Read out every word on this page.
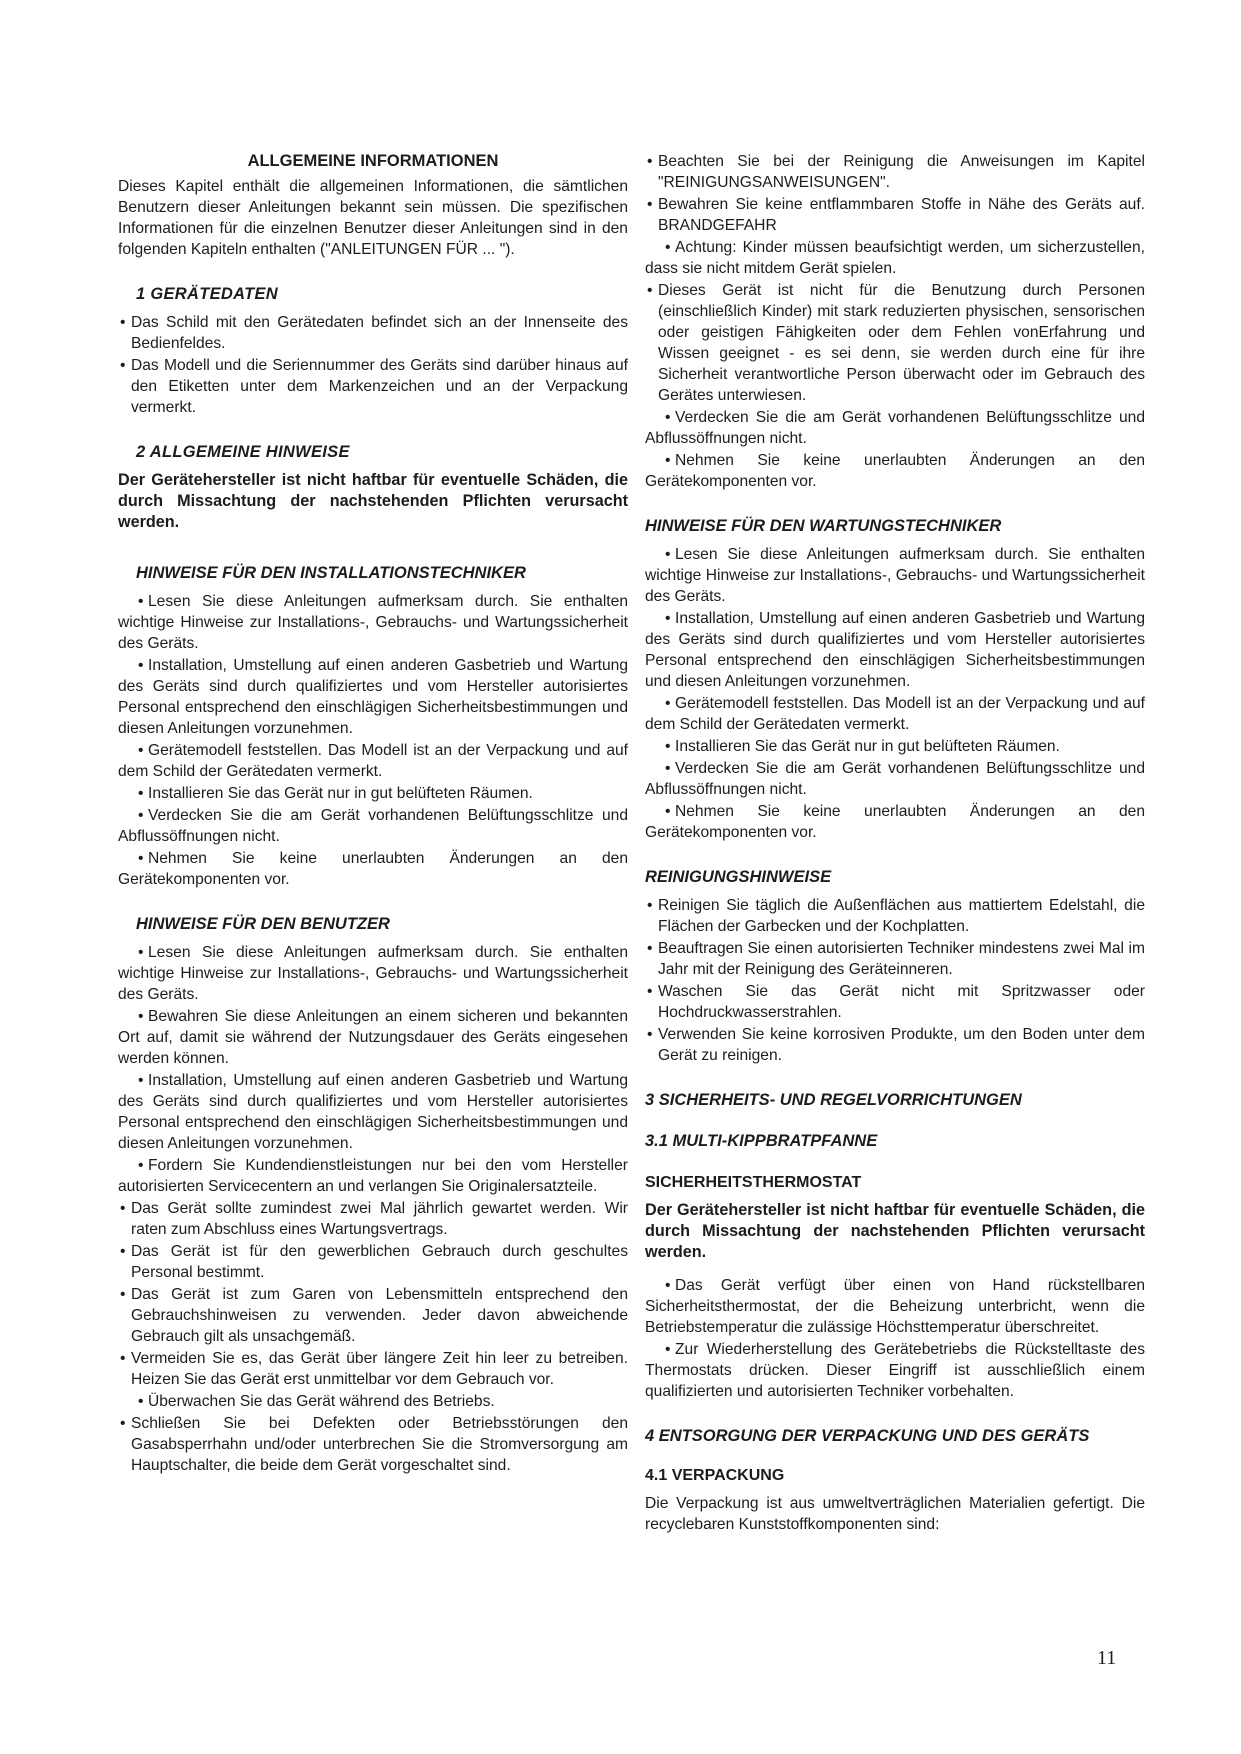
ALLGEMEINE INFORMATIONEN

Dieses Kapitel enthält die allgemeinen Informationen, die sämtlichen Benutzern dieser Anleitungen bekannt sein müssen. Die speziﬁschen Informationen für die einzelnen Benutzer dieser Anleitungen sind in den folgenden Kapiteln enthalten ("ANLEITUNGEN FÜR ... ").

1 GERÄTEDATEN

• Das Schild mit den Gerätedaten beﬁndet sich an der Innenseite des Bedienfeldes.
• Das Modell und die Seriennummer des Geräts sind darüber hinaus auf den Etiketten unter dem Markenzeichen und an der Verpackung vermerkt.

2 ALLGEMEINE HINWEISE

Der Gerätehersteller ist nicht haftbar für eventuelle Schäden, die durch Missachtung der nachstehenden Pﬂichten verursacht werden.

HINWEISE FÜR DEN INSTALLATIONSTECHNIKER

• Lesen Sie diese Anleitungen aufmerksam durch. Sie enthalten wichtige Hinweise zur Installations-, Gebrauchs- und Wartungssicherheit des Geräts.
• Installation, Umstellung auf einen anderen Gasbetrieb und Wartung des Geräts sind durch qualiﬁziertes und vom Hersteller autorisiertes Personal entsprechend den einschlägigen Sicherheitsbestimmungen und diesen Anleitungen vorzunehmen.
• Gerätemodell feststellen. Das Modell ist an der Verpackung und auf dem Schild der Gerätedaten vermerkt.
• Installieren Sie das Gerät nur in gut belüfteten Räumen.
• Verdecken Sie die am Gerät vorhandenen Belüftungsschlitze und Abﬂussöffnungen nicht.
• Nehmen Sie keine unerlaubten Änderungen an den Gerätekomponenten vor.

HINWEISE FÜR DEN BENUTZER

• Lesen Sie diese Anleitungen aufmerksam durch. Sie enthalten wichtige Hinweise zur Installations-, Gebrauchs- und Wartungssicherheit des Geräts.
• Bewahren Sie diese Anleitungen an einem sicheren und bekannten Ort auf, damit sie während der Nutzungsdauer des Geräts eingesehen werden können.
• Installation, Umstellung auf einen anderen Gasbetrieb und Wartung des Geräts sind durch qualiﬁziertes und vom Hersteller autorisiertes Personal entsprechend den einschlägigen Sicherheitsbestimmungen und diesen Anleitungen vorzunehmen.
• Fordern Sie Kundendienstleistungen nur bei den vom Hersteller autorisierten Servicecentern an und verlangen Sie Originalersatzteile.
• Das Gerät sollte zumindest zwei Mal jährlich gewartet werden. Wir raten zum Abschluss eines Wartungsvertrags.
• Das Gerät ist für den gewerblichen Gebrauch durch geschultes Personal bestimmt.
• Das Gerät ist zum Garen von Lebensmitteln entsprechend den Gebrauchshinweisen zu verwenden. Jeder davon abweichende Gebrauch gilt als unsachgemäß.
• Vermeiden Sie es, das Gerät über längere Zeit hin leer zu betreiben. Heizen Sie das Gerät erst unmittelbar vor dem Gebrauch vor.
• Überwachen Sie das Gerät während des Betriebs.
• Schließen Sie bei Defekten oder Betriebsstörungen den Gasabsperrhahn und/oder unterbrechen Sie die Stromversorgung am Hauptschalter, die beide dem Gerät vorgeschaltet sind.
• Beachten Sie bei der Reinigung die Anweisungen im Kapitel "REINIGUNGSANWEISUNGEN".
• Bewahren Sie keine entﬂammbaren Stoffe in Nähe des Geräts auf. BRANDGEFAHR
• Achtung: Kinder müssen beaufsichtigt werden, um sicherzustellen, dass sie nicht mitdem Gerät spielen.
• Dieses Gerät ist nicht für die Benutzung durch Personen (einschließlich Kinder) mit stark reduzierten physischen, sensorischen oder geistigen Fähigkeiten oder dem Fehlen vonErfahrung und Wissen geeignet - es sei denn, sie werden durch eine für ihre Sicherheit verantwortliche Person überwacht oder im Gebrauch des Gerätes unterwiesen.
• Verdecken Sie die am Gerät vorhandenen Belüftungsschlitze und Abﬂussöffnungen nicht.
• Nehmen Sie keine unerlaubten Änderungen an den Gerätekomponenten vor.

HINWEISE FÜR DEN WARTUNGSTECHNIKER

• Lesen Sie diese Anleitungen aufmerksam durch. Sie enthalten wichtige Hinweise zur Installations-, Gebrauchs- und Wartungssicherheit des Geräts.
• Installation, Umstellung auf einen anderen Gasbetrieb und Wartung des Geräts sind durch qualiﬁziertes und vom Hersteller autorisiertes Personal entsprechend den einschlägigen Sicherheitsbestimmungen und diesen Anleitungen vorzunehmen.
• Gerätemodell feststellen. Das Modell ist an der Verpackung und auf dem Schild der Gerätedaten vermerkt.
• Installieren Sie das Gerät nur in gut belüfteten Räumen.
• Verdecken Sie die am Gerät vorhandenen Belüftungsschlitze und Abﬂussöffnungen nicht.
• Nehmen Sie keine unerlaubten Änderungen an den Gerätekomponenten vor.

REINIGUNGSHINWEISE

• Reinigen Sie täglich die Außenﬂächen aus mattiertem Edelstahl, die Flächen der Garbecken und der Kochplatten.
• Beauftragen Sie einen autorisierten Techniker mindestens zwei Mal im Jahr mit der Reinigung des Geräteinneren.
• Waschen Sie das Gerät nicht mit Spritzwasser oder Hochdruckwasserstrahlen.
• Verwenden Sie keine korrosiven Produkte, um den Boden unter dem Gerät zu reinigen.

3 SICHERHEITS- UND REGELVORRICHTUNGEN

3.1 MULTI-KIPPBRATPFANNE

SICHERHEITSTHERMOSTAT

Der Gerätehersteller ist nicht haftbar für eventuelle Schäden, die durch Missachtung der nachstehenden Pﬂichten verursacht werden.

• Das Gerät verfügt über einen von Hand rückstellbaren Sicherheitsthermostat, der die Beheizung unterbricht, wenn die Betriebstemperatur die zulässige Höchsttemperatur überschreitet.
• Zur Wiederherstellung des Gerätebetriebs die Rückstelltaste des Thermostats drücken. Dieser Eingriff ist ausschließlich einem qualiﬁzierten und autorisierten Techniker vorbehalten.

4 ENTSORGUNG DER VERPACKUNG UND DES GERÄTS

4.1 VERPACKUNG

Die Verpackung ist aus umweltverträglichen Materialien gefertigt. Die recyclebaren Kunststoffkomponenten sind:

11
